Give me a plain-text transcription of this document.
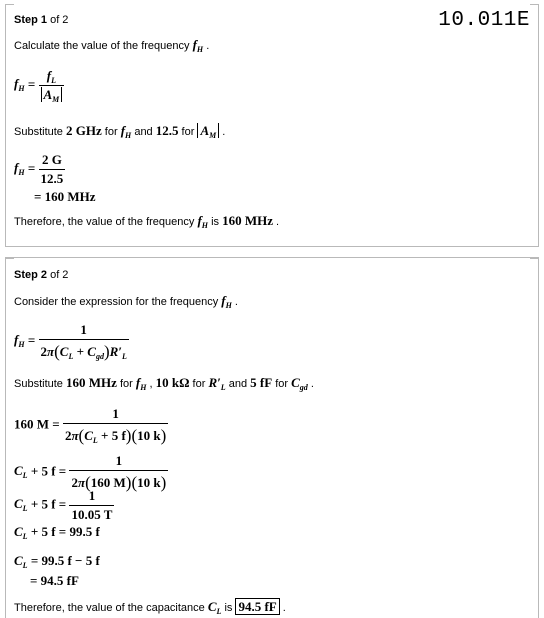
10.011E
Step 1 of 2
Calculate the value of the frequency $f_H$ .
$f_H = \frac{f_L}{A_M}$
Substitute 2 GHz for $f_H$ and 12.5 for $A_M$ .
$f_H = \frac{2 G}{12.5}$
= 160 MHz
Therefore, the value of the frequency $f_H$ is 160 MHz .
Step 2 of 2
Consider the expression for the frequency $f_H$ .
$f_H = \frac{1}{2\pi(C_L + C_{gd})R'_L}$
Substitute 160 MHz for $f_H$ , 10 kΩ for $R'_L$ and 5 fF for $C_{gd}$ .
160 $M = \frac{1}{2\pi(C_L + 5 f)(10 k)}$
$C_L + 5$ $f = \frac{1}{2\pi(160 M)(10 k)}$
$C_L + 5$ $f = \frac{1}{10.05 T}$
$C_L + 5$ f = 99.5 f
$C_L = 99.5$ f − 5 f
= 94.5 fF
Therefore, the value of the capacitance $C_L$ is 94.5 fF .
